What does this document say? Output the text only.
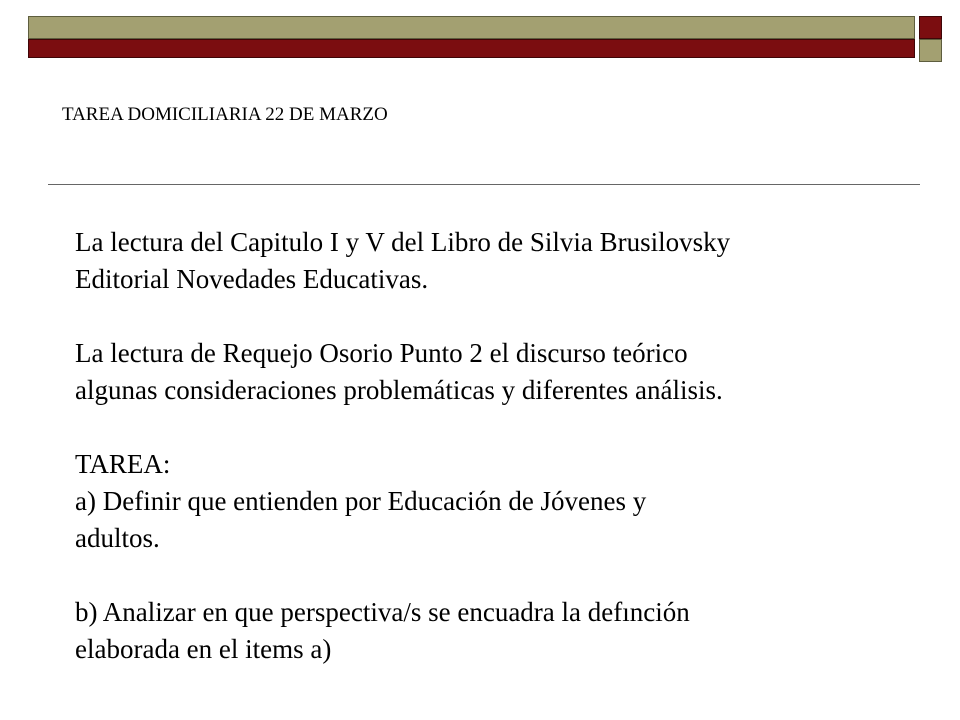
TAREA DOMICILIARIA 22 DE MARZO

La lectura del Capitulo I y V del Libro de Silvia Brusilovsky

Editorial Novedades Educativas.

La lectura de Requejo Osorio Punto 2 el discurso teórico

algunas consideraciones problemáticas y diferentes análisis.

TAREA:

a) Definir que entienden por Educación de Jóvenes y

adultos.

b) Analizar en que perspectiva/s se encuadra la defınción

elaborada en el items a)
